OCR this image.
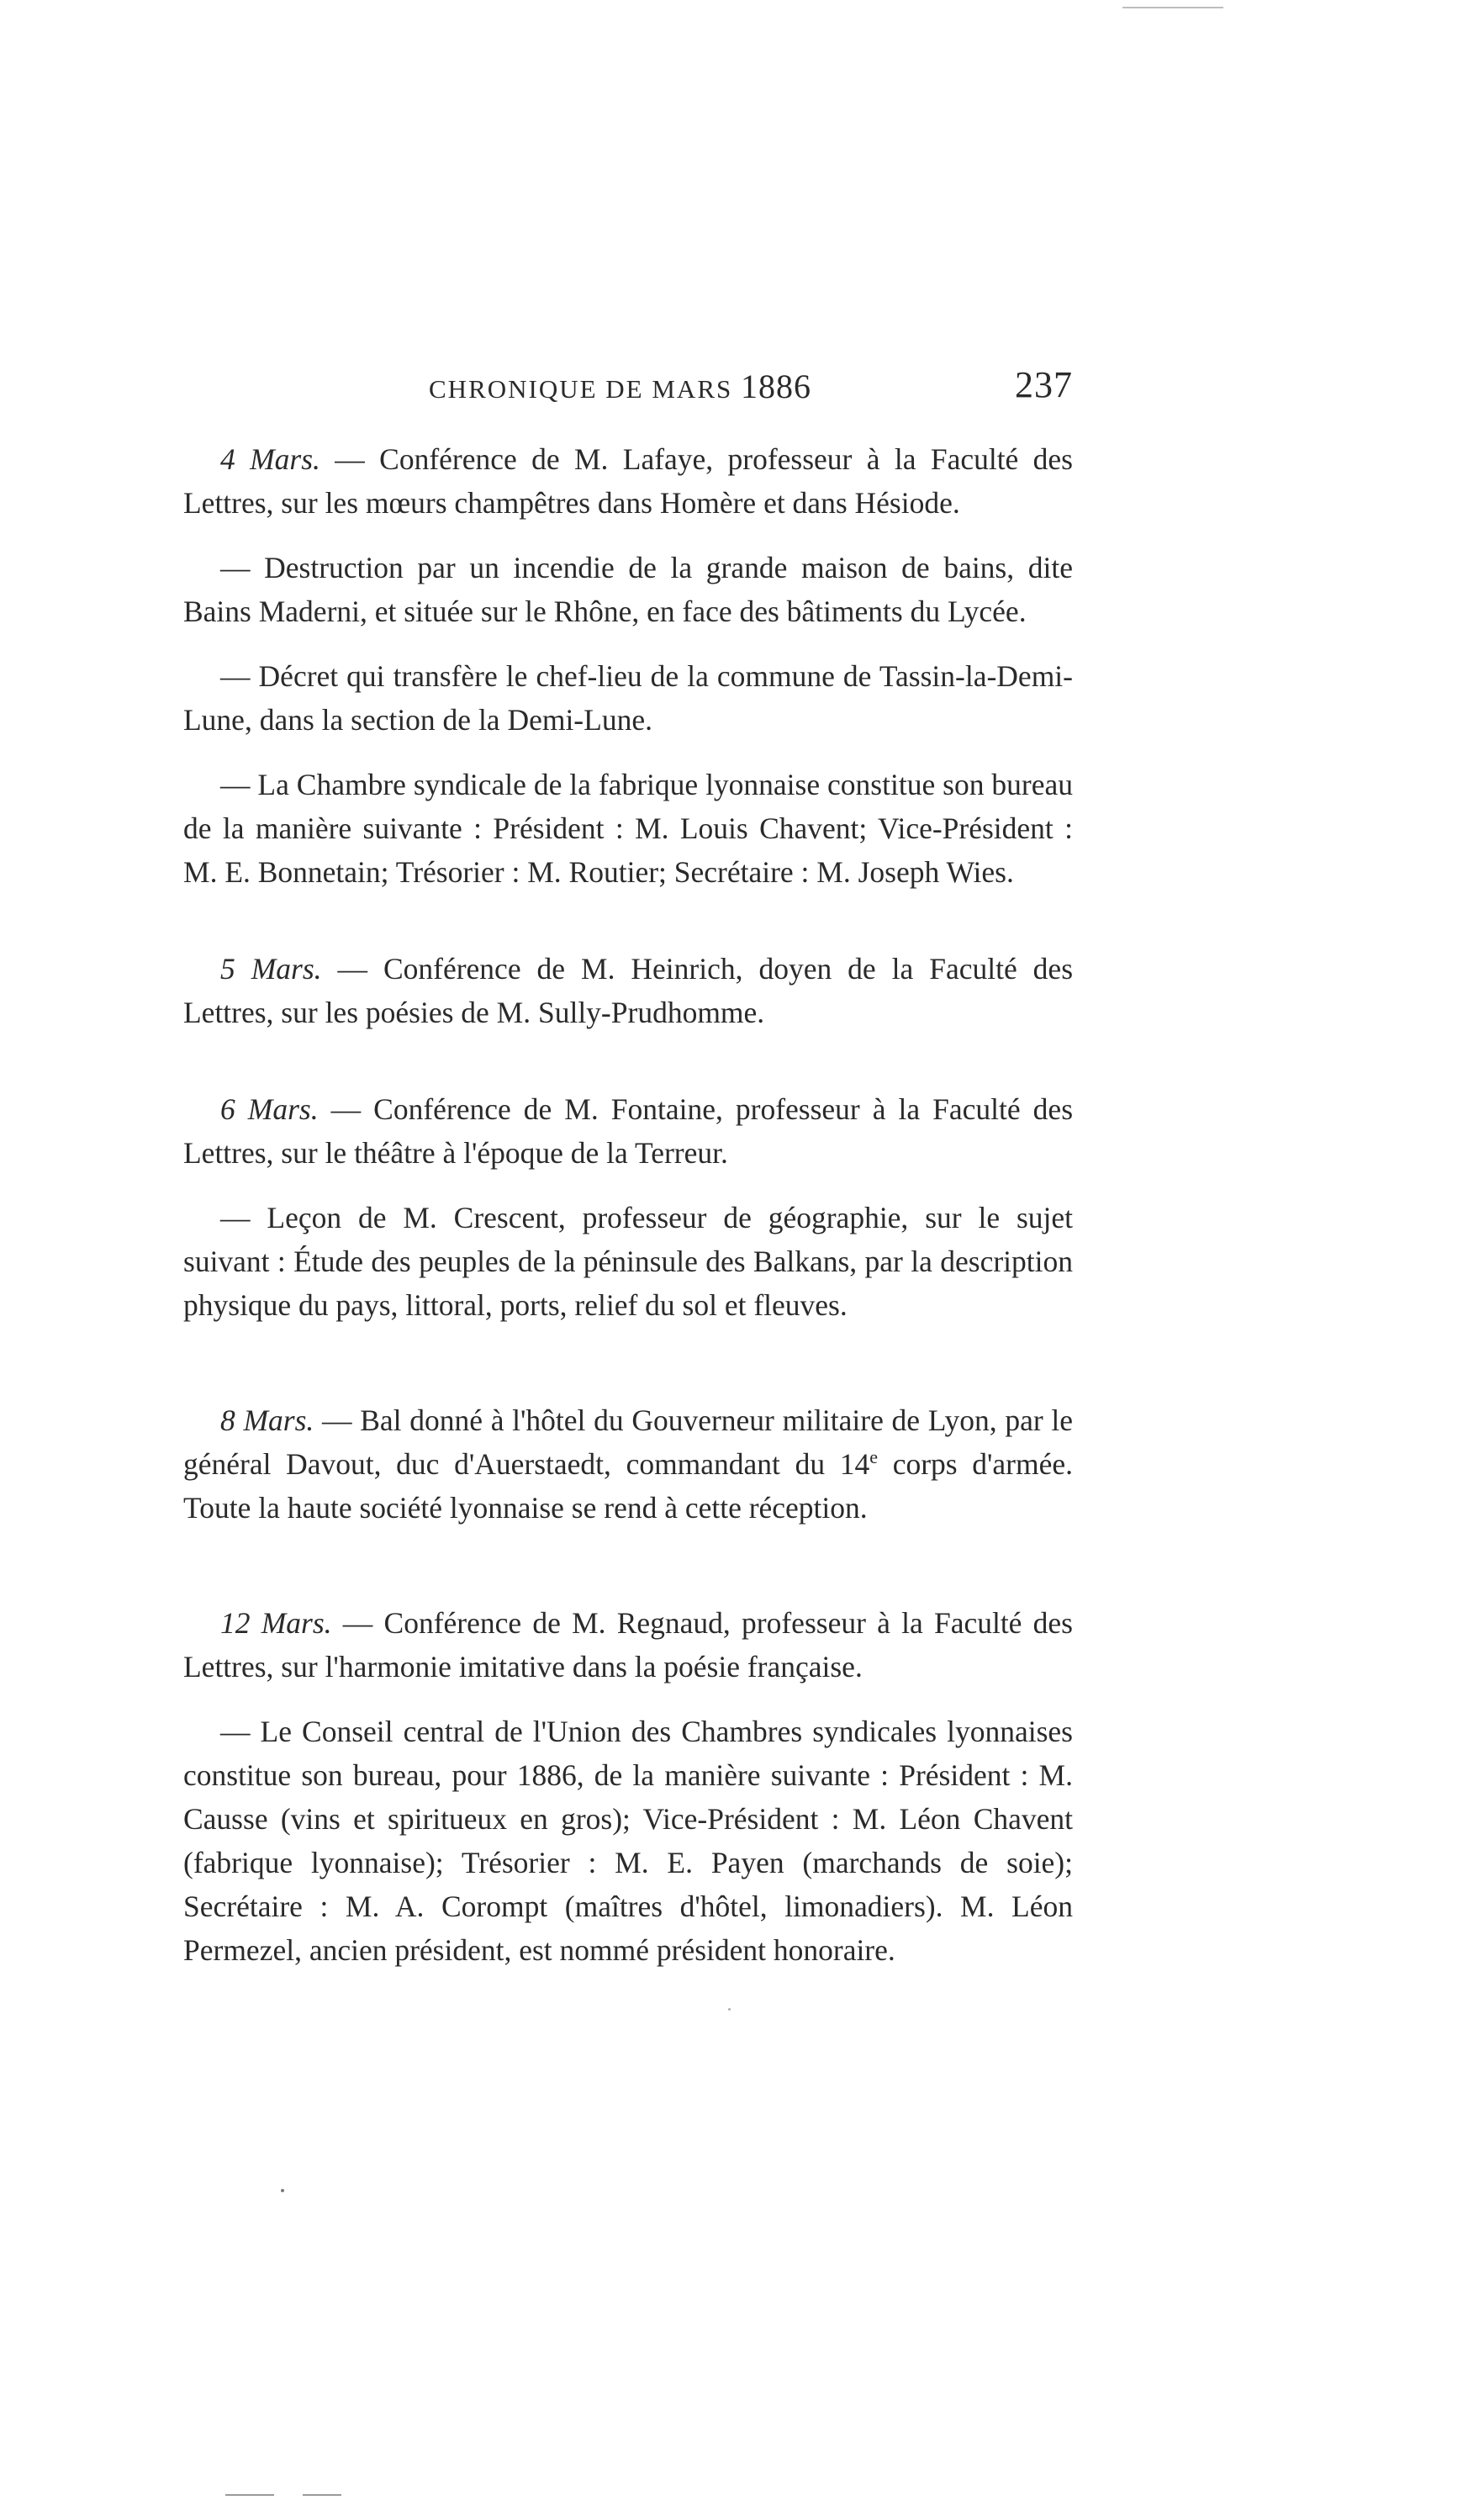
CHRONIQUE DE MARS 1886	237

4 Mars. — Conférence de M. Lafaye, professeur à la Faculté des Lettres, sur les mœurs champêtres dans Homère et dans Hésiode.

— Destruction par un incendie de la grande maison de bains, dite Bains Maderni, et située sur le Rhône, en face des bâtiments du Lycée.

— Décret qui transfère le chef-lieu de la commune de Tassin-la-Demi-Lune, dans la section de la Demi-Lune.

— La Chambre syndicale de la fabrique lyonnaise constitue son bureau de la manière suivante : Président : M. Louis Chavent; Vice-Président : M. E. Bonnetain; Trésorier : M. Routier; Secrétaire : M. Joseph Wies.

5 Mars. — Conférence de M. Heinrich, doyen de la Faculté des Lettres, sur les poésies de M. Sully-Prudhomme.

6 Mars. — Conférence de M. Fontaine, professeur à la Faculté des Lettres, sur le théâtre à l'époque de la Terreur.

— Leçon de M. Crescent, professeur de géographie, sur le sujet suivant : Étude des peuples de la péninsule des Balkans, par la description physique du pays, littoral, ports, relief du sol et fleuves.

8 Mars. — Bal donné à l'hôtel du Gouverneur militaire de Lyon, par le général Davout, duc d'Auerstaedt, commandant du 14e corps d'armée. Toute la haute société lyonnaise se rend à cette réception.

12 Mars. — Conférence de M. Regnaud, professeur à la Faculté des Lettres, sur l'harmonie imitative dans la poésie française.

— Le Conseil central de l'Union des Chambres syndicales lyonnaises constitue son bureau, pour 1886, de la manière suivante : Président : M. Causse (vins et spiritueux en gros); Vice-Président : M. Léon Chavent (fabrique lyonnaise); Trésorier : M. E. Payen (marchands de soie); Secrétaire : M. A. Corompt (maîtres d'hôtel, limonadiers). M. Léon Permezel, ancien président, est nommé président honoraire.
